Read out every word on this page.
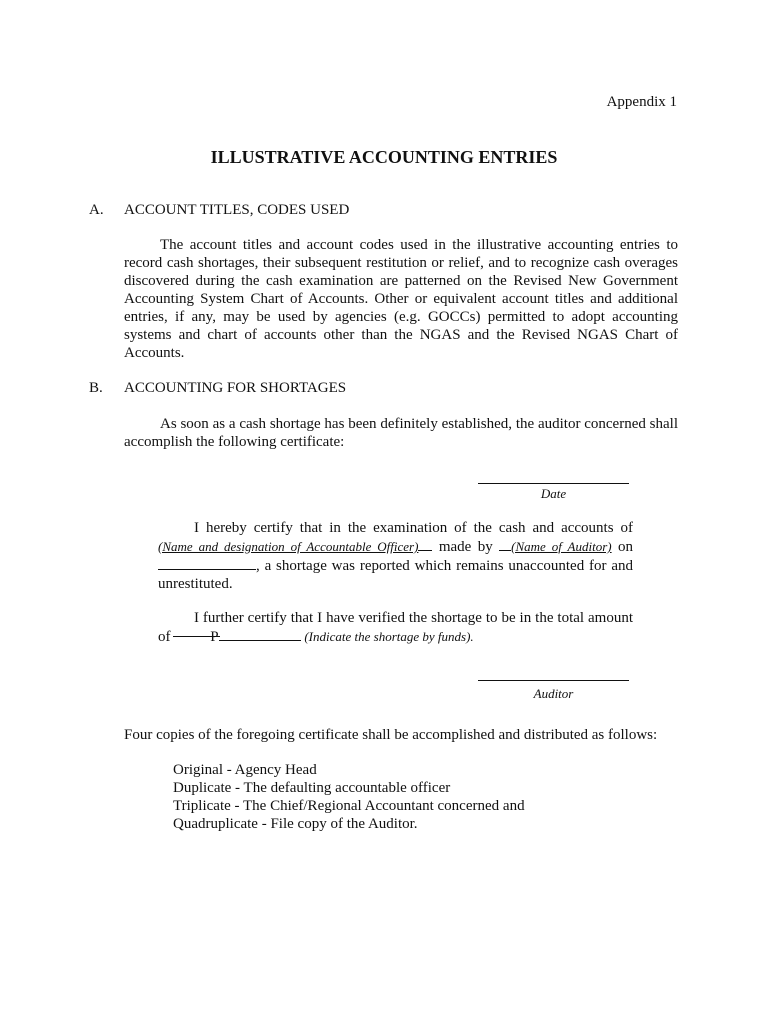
Appendix 1
ILLUSTRATIVE ACCOUNTING ENTRIES
A. ACCOUNT TITLES, CODES USED
The account titles and account codes used in the illustrative accounting entries to record cash shortages, their subsequent restitution or relief, and to recognize cash overages discovered during the cash examination are patterned on the Revised New Government Accounting System Chart of Accounts. Other or equivalent account titles and additional entries, if any, may be used by agencies (e.g. GOCCs) permitted to adopt accounting systems and chart of accounts other than the NGAS and the Revised NGAS Chart of Accounts.
B. ACCOUNTING FOR SHORTAGES
As soon as a cash shortage has been definitely established, the auditor concerned shall accomplish the following certificate:
Date
I hereby certify that in the examination of the cash and accounts of (Name and designation of Accountable Officer) made by (Name of Auditor) on , a shortage was reported which remains unaccounted for and unrestituted.
I further certify that I have verified the shortage to be in the total amount of	P	(Indicate the shortage by funds).
Auditor
Four copies of the foregoing certificate shall be accomplished and distributed as follows:
Original - Agency Head
Duplicate - The defaulting accountable officer
Triplicate - The Chief/Regional Accountant concerned and
Quadruplicate - File copy of the Auditor.
